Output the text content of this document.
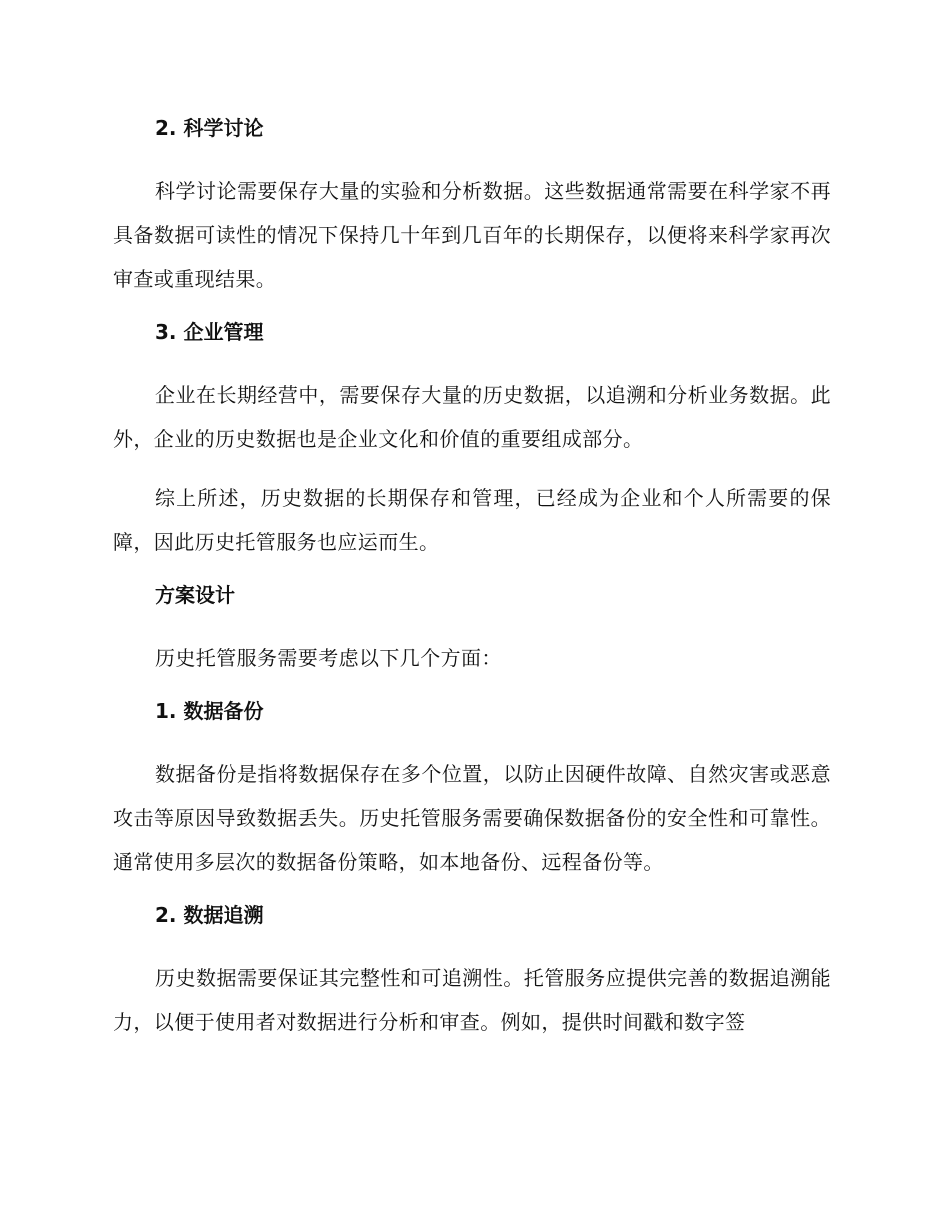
2. 科学讨论

科学讨论需要保存大量的实验和分析数据。这些数据通常需要在科学家不再具备数据可读性的情况下保持几十年到几百年的长期保存，以便将来科学家再次审查或重现结果。

3. 企业管理

企业在长期经营中，需要保存大量的历史数据，以追溯和分析业务数据。此外，企业的历史数据也是企业文化和价值的重要组成部分。

综上所述，历史数据的长期保存和管理，已经成为企业和个人所需要的保障，因此历史托管服务也应运而生。

方案设计

历史托管服务需要考虑以下几个方面：

1. 数据备份

数据备份是指将数据保存在多个位置，以防止因硬件故障、自然灾害或恶意攻击等原因导致数据丢失。历史托管服务需要确保数据备份的安全性和可靠性。通常使用多层次的数据备份策略，如本地备份、远程备份等。

2. 数据追溯

历史数据需要保证其完整性和可追溯性。托管服务应提供完善的数据追溯能力，以便于使用者对数据进行分析和审查。例如，提供时间戳和数字签
